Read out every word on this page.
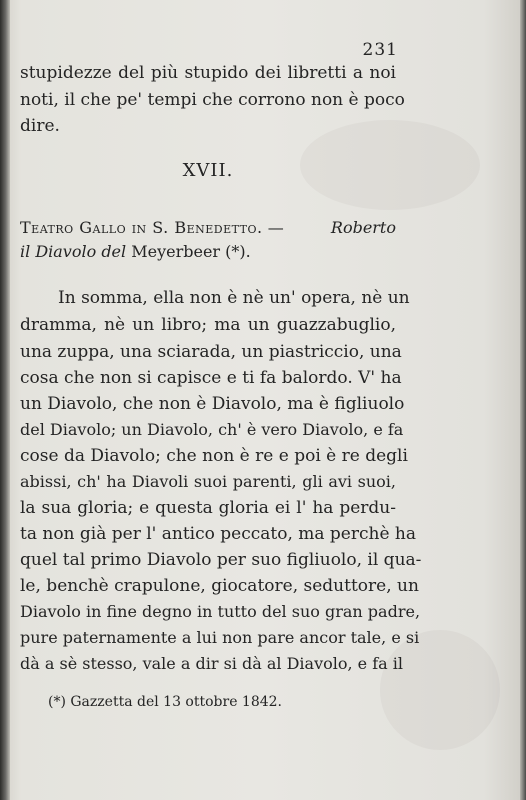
231
stupidezze del più stupido dei libretti a noi
noti, il che pe' tempi che corrono non è poco
dire.
XVII.
Teatro Gallo in S. Benedetto. —	Roberto
il Diavolo del Meyerbeer (*).
In somma, ella non è nè un' opera, nè un
dramma, nè un libro; ma un guazzabuglio,
una zuppa, una sciarada, un piastriccio, una
cosa che non si capisce e ti fa balordo. V' ha
un Diavolo, che non è Diavolo, ma è figliuolo
del Diavolo; un Diavolo, ch' è vero Diavolo, e fa
cose da Diavolo; che non è re e poi è re degli
abissi, ch' ha Diavoli suoi parenti, gli avi suoi,
la sua gloria; e questa gloria ei l' ha perdu-
ta non già per l' antico peccato, ma perchè ha
quel tal primo Diavolo per suo figliuolo, il qua-
le, benchè crapulone, giocatore, seduttore, un
Diavolo in fine degno in tutto del suo gran padre,
pure paternamente a lui non pare ancor tale, e si
dà a sè stesso, vale a dir si dà al Diavolo, e fa il
(*) Gazzetta del 13 ottobre 1842.
